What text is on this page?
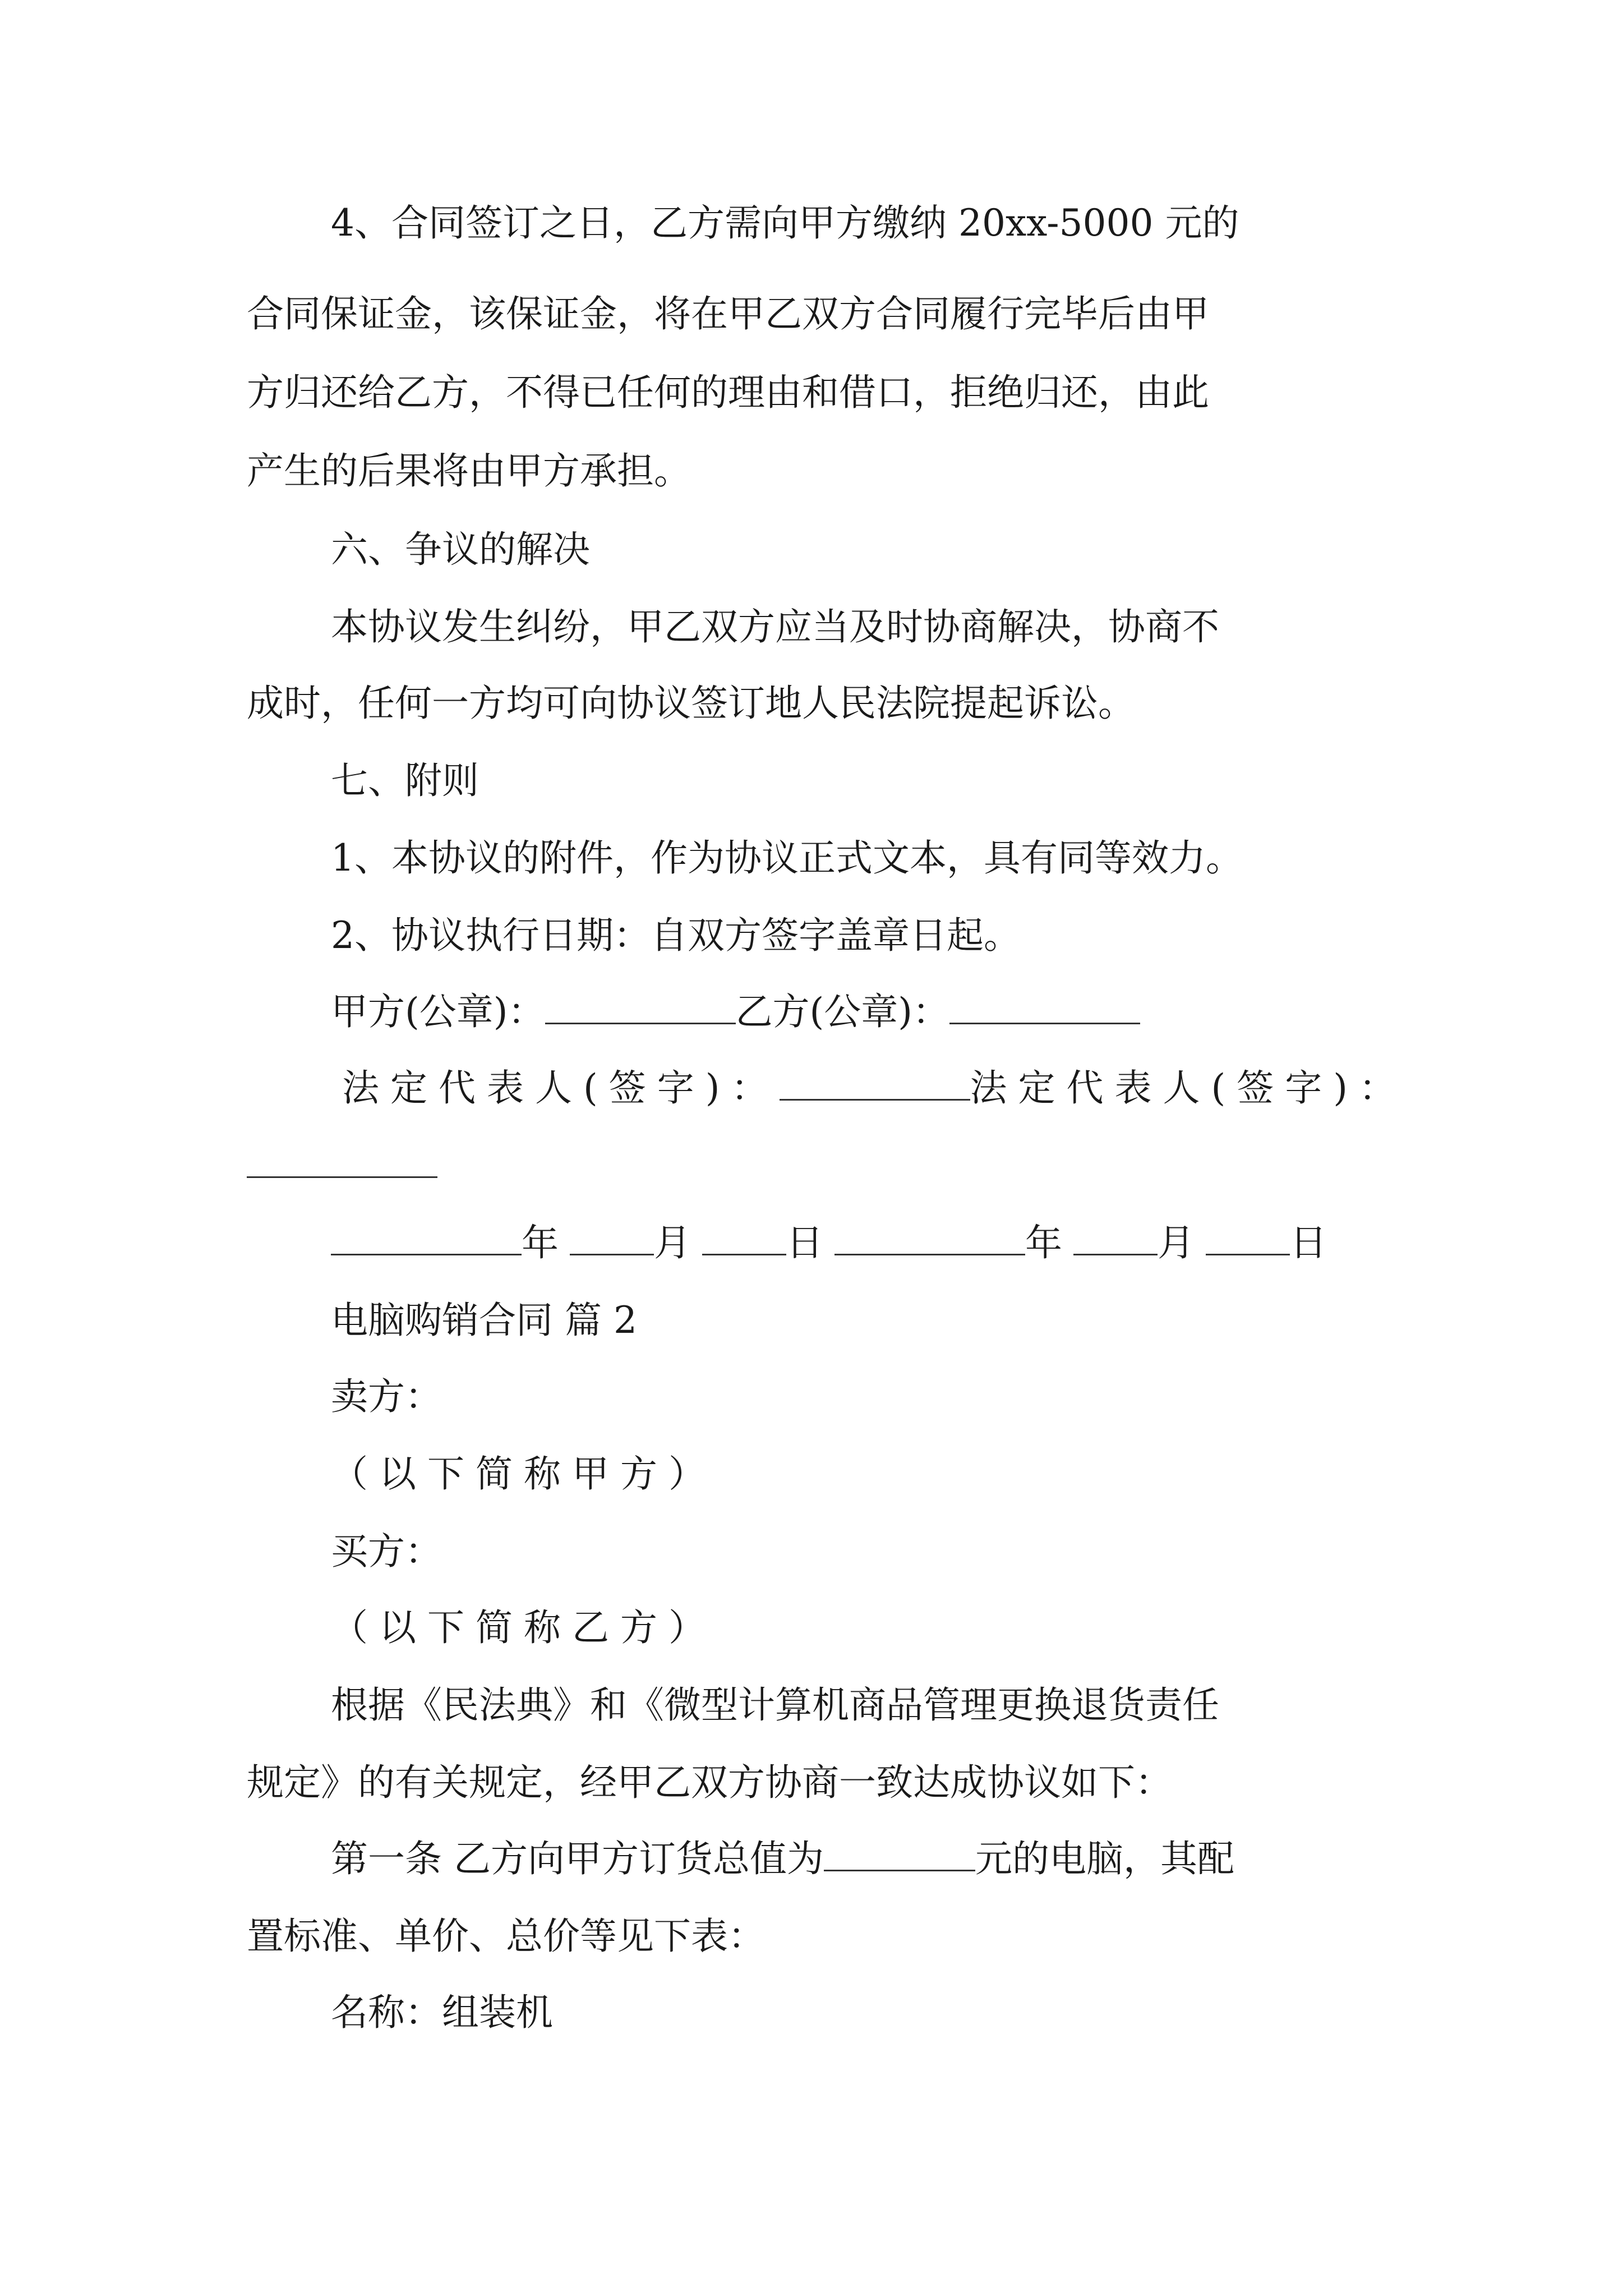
4、合同签订之日，乙方需向甲方缴纳 20xx-5000 元的
合同保证金，该保证金，将在甲乙双方合同履行完毕后由甲
方归还给乙方，不得已任何的理由和借口，拒绝归还，由此
产生的后果将由甲方承担。
六、争议的解决
本协议发生纠纷，甲乙双方应当及时协商解决，协商不
成时，任何一方均可向协议签订地人民法院提起诉讼。
七、附则
1、本协议的附件，作为协议正式文本，具有同等效力。
2、协议执行日期：自双方签字盖章日起。
甲方(公章)：	乙方(公章)：
法定代表人(签字)：	法定代表人(签字)：
年 月 日	年 月 日
电脑购销合同 篇 2
卖方：
（以下简称甲方）
买方：
（以下简称乙方）
根据《民法典》和《微型计算机商品管理更换退货责任
规定》的有关规定，经甲乙双方协商一致达成协议如下：
第一条 乙方向甲方订货总值为	元的电脑，其配
置标准、单价、总价等见下表：
名称：组装机
